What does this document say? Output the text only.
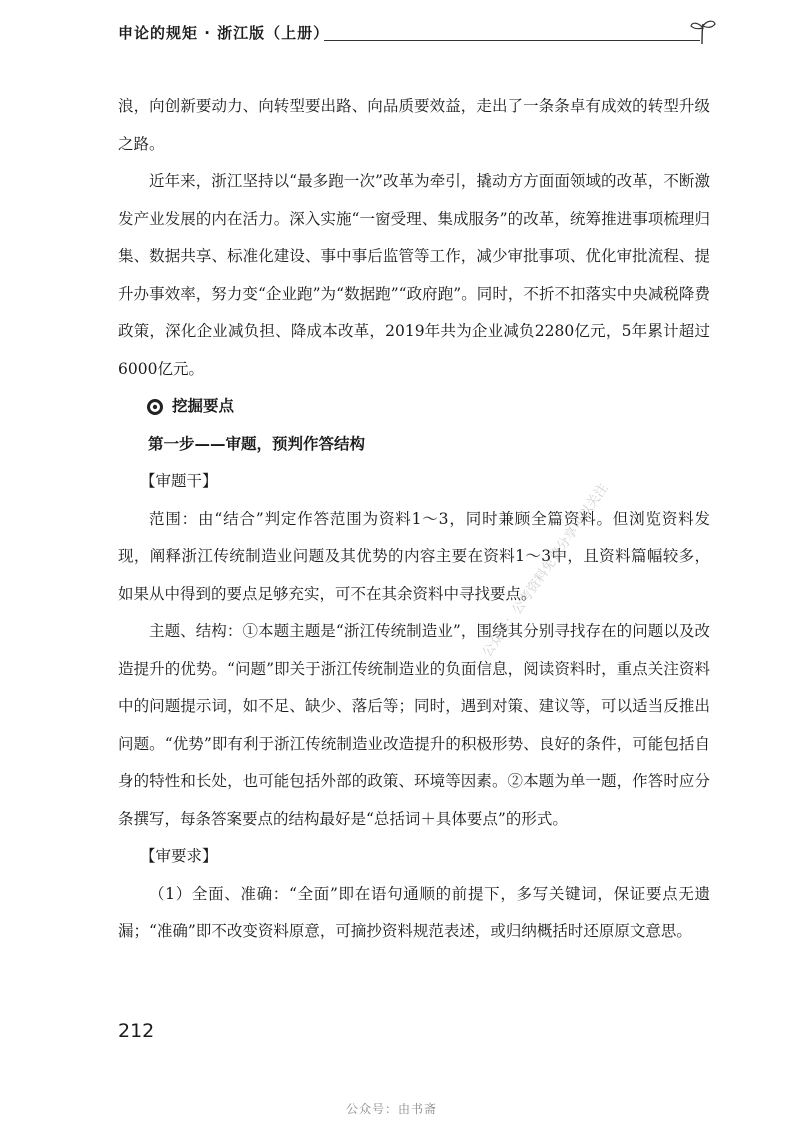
申论的规矩 · 浙江版（上册）

浪，向创新要动力、向转型要出路、向品质要效益，走出了一条条卓有成效的转型升级之路。

近年来，浙江坚持以“最多跑一次”改革为牵引，撬动方方面面领域的改革，不断激发产业发展的内在活力。深入实施“一窗受理、集成服务”的改革，统筹推进事项梳理归集、数据共享、标准化建设、事中事后监管等工作，减少审批事项、优化审批流程、提升办事效率，努力变“企业跑”为“数据跑”“政府跑”。同时，不折不扣落实中央减税降费政策，深化企业减负担、降成本改革，2019年共为企业减负2280亿元，5年累计超过6000亿元。

挖掘要点

第一步——审题，预判作答结构

【审题干】

范围：由“结合”判定作答范围为资料1～3，同时兼顾全篇资料。但浏览资料发现，阐释浙江传统制造业问题及其优势的内容主要在资料1～3中，且资料篇幅较多，如果从中得到的要点足够充实，可不在其余资料中寻找要点。

主题、结构：①本题主题是“浙江传统制造业”，围绕其分别寻找存在的问题以及改造提升的优势。“问题”即关于浙江传统制造业的负面信息，阅读资料时，重点关注资料中的问题提示词，如不足、缺少、落后等；同时，遇到对策、建议等，可以适当反推出问题。“优势”即有利于浙江传统制造业改造提升的积极形势、良好的条件，可能包括自身的特性和长处，也可能包括外部的政策、环境等因素。②本题为单一题，作答时应分条撰写，每条答案要点的结构最好是“总括词＋具体要点”的形式。

【审要求】

（1）全面、准确：“全面”即在语句通顺的前提下，多写关键词，保证要点无遗漏；“准确”即不改变资料原意，可摘抄资料规范表述，或归纳概括时还原原文意思。

公众号：公考资料免费分享可以关注
212
公众号：由书斋
